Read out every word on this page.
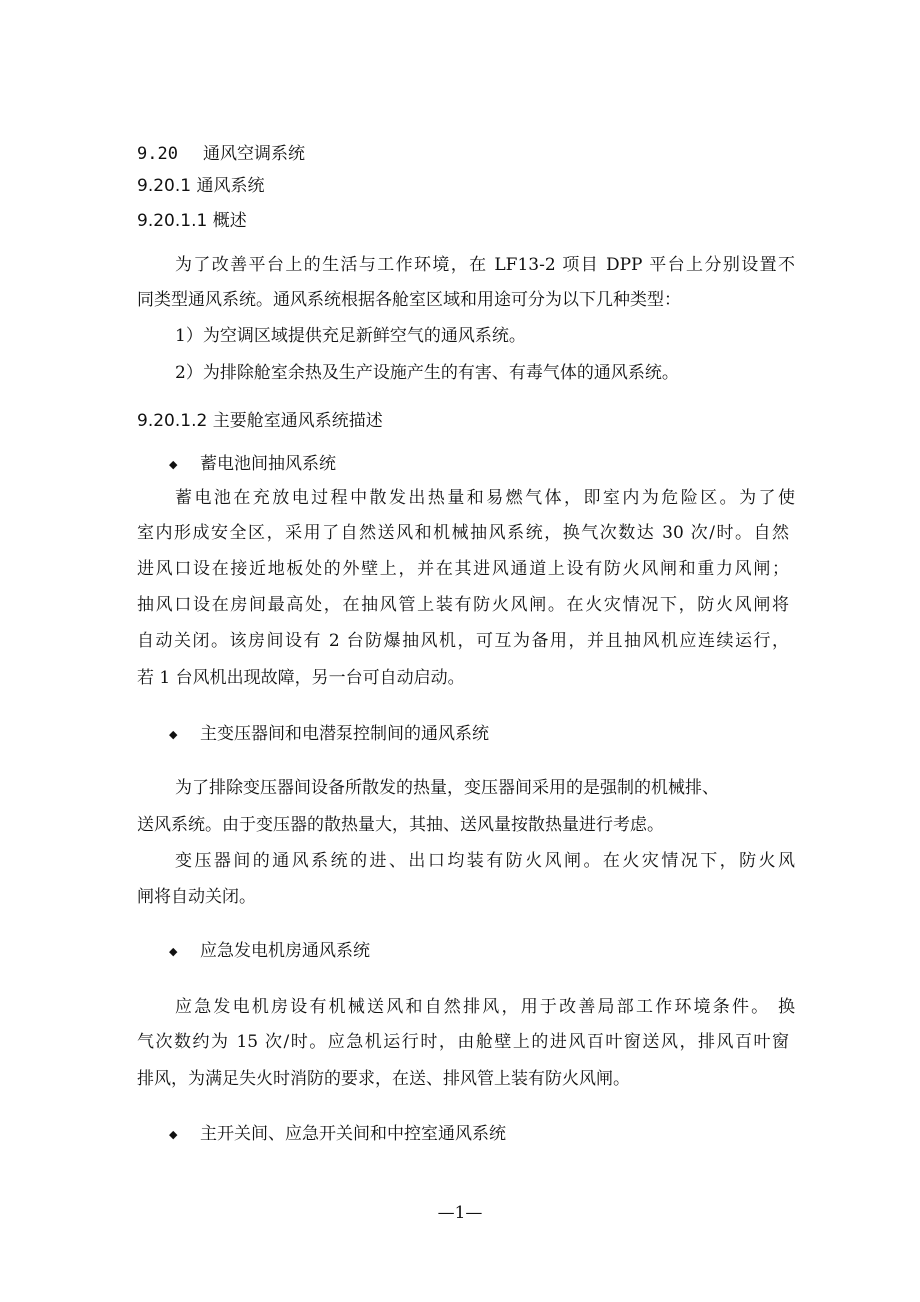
9.20 通风空调系统
9.20.1 通风系统
9.20.1.1 概述
为了改善平台上的生活与工作环境，在 LF13-2 项目 DPP 平台上分别设置不
同类型通风系统。通风系统根据各舱室区域和用途可分为以下几种类型：
1）为空调区域提供充足新鲜空气的通风系统。
2）为排除舱室余热及生产设施产生的有害、有毒气体的通风系统。
9.20.1.2 主要舱室通风系统描述
◆ 蓄电池间抽风系统
蓄电池在充放电过程中散发出热量和易燃气体，即室内为危险区。为了使
室内形成安全区，采用了自然送风和机械抽风系统，换气次数达 30 次/时。自然
进风口设在接近地板处的外壁上，并在其进风通道上设有防火风闸和重力风闸；
抽风口设在房间最高处，在抽风管上装有防火风闸。在火灾情况下，防火风闸将
自动关闭。该房间设有 2 台防爆抽风机，可互为备用，并且抽风机应连续运行，
若 1 台风机出现故障，另一台可自动启动。
◆ 主变压器间和电潜泵控制间的通风系统
为了排除变压器间设备所散发的热量，变压器间采用的是强制的机械排、
送风系统。由于变压器的散热量大，其抽、送风量按散热量进行考虑。
变压器间的通风系统的进、出口均装有防火风闸。在火灾情况下，防火风
闸将自动关闭。
◆ 应急发电机房通风系统
应急发电机房设有机械送风和自然排风，用于改善局部工作环境条件。 换
气次数约为 15 次/时。应急机运行时，由舱壁上的进风百叶窗送风，排风百叶窗
排风，为满足失火时消防的要求，在送、排风管上装有防火风闸。
◆ 主开关间、应急开关间和中控室通风系统
—1—
